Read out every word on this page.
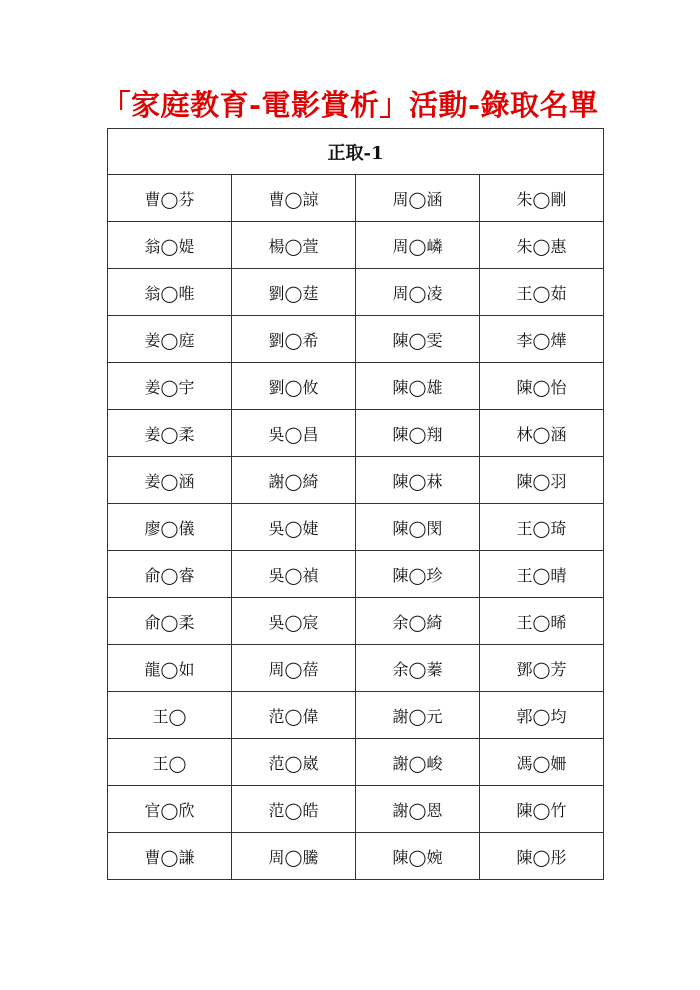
「家庭教育-電影賞析」活動-錄取名單
正取-1			
曹◯芬	曹◯諒	周◯涵	朱◯剛
翁◯媞	楊◯萱	周◯嶙	朱◯惠
翁◯唯	劉◯莛	周◯凌	王◯茹
姜◯庭	劉◯希	陳◯雯	李◯燁
姜◯宇	劉◯攸	陳◯雄	陳◯怡
姜◯柔	吳◯昌	陳◯翔	林◯涵
姜◯涵	謝◯綺	陳◯菻	陳◯羽
廖◯儀	吳◯婕	陳◯閔	王◯琦
俞◯睿	吳◯禎	陳◯珍	王◯晴
俞◯柔	吳◯宸	余◯綺	王◯晞
龍◯如	周◯蓓	余◯蓁	鄧◯芳
王◯	范◯偉	謝◯元	郭◯均
王◯	范◯崴	謝◯峻	馮◯姍
官◯欣	范◯皓	謝◯恩	陳◯竹
曹◯謙	周◯騰	陳◯婉	陳◯彤
